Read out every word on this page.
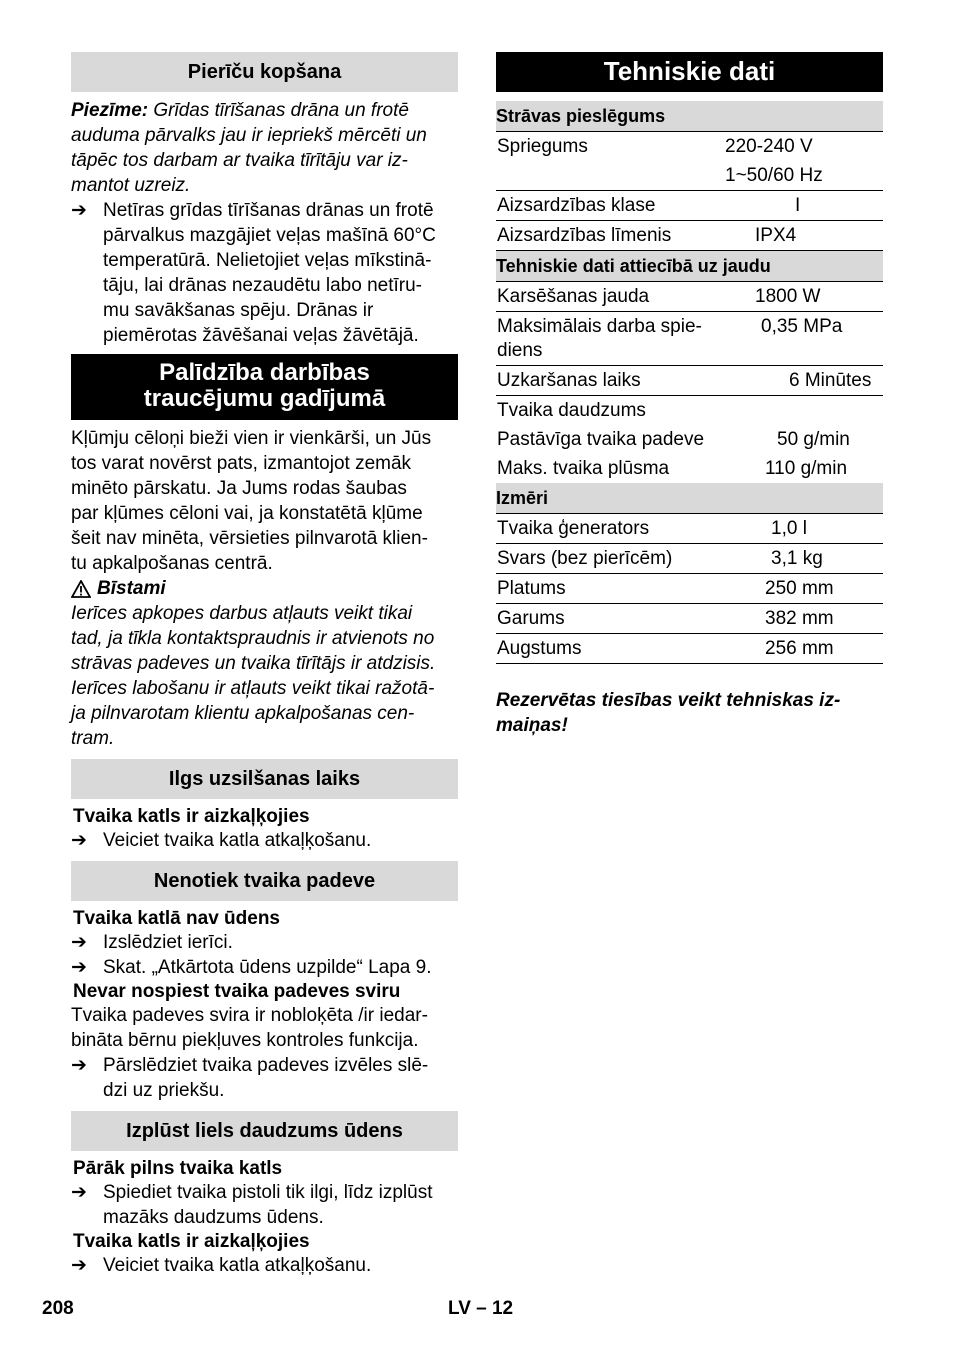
Pierīču kopšana

Piezīme: Grīdas tīrīšanas drāna un frotē

auduma pārvalks jau ir iepriekš mērcēti un

tāpēc tos darbam ar tvaika tīrītāju var iz-

mantot uzreiz.

➔ Netīras grīdas tīrīšanas drānas un frotē
pārvalkus mazgājiet veļas mašīnā 60°C
temperatūrā. Nelietojiet veļas mīkstinā-
tāju, lai drānas nezaudētu labo netīru-
mu savākšanas spēju. Drānas ir
piemērotas žāvēšanai veļas žāvētājā.
Palīdzība darbības
traucējumu gadījumā

Kļūmju cēloņi bieži vien ir vienkārši, un Jūs

tos varat novērst pats, izmantojot zemāk

minēto pārskatu. Ja Jums rodas šaubas

par kļūmes cēloni vai, ja konstatētā kļūme

šeit nav minēta, vērsieties pilnvarotā klien-

tu apkalpošanas centrā.

Bīstami

Ierīces apkopes darbus atļauts veikt tikai

tad, ja tīkla kontaktspraudnis ir atvienots no

strāvas padeves un tvaika tīrītājs ir atdzisis.

Ierīces labošanu ir atļauts veikt tikai ražotā-

ja pilnvarotam klientu apkalpošanas cen-

tram.

Ilgs uzsilšanas laiks
Tvaika katls ir aizkaļķojies
➔ Veiciet tvaika katla atkaļķošanu.
Nenotiek tvaika padeve
Tvaika katlā nav ūdens
➔ Izslēdziet ierīci.
➔ Skat. „Atkārtota ūdens uzpilde“ Lapa 9.
Nevar nospiest tvaika padeves sviru

Tvaika padeves svira ir nobloķēta /ir iedar-

bināta bērnu piekļuves kontroles funkcija.

➔ Pārslēdziet tvaika padeves izvēles slē-
dzi uz priekšu.
Izplūst liels daudzums ūdens
Pārāk pilns tvaika katls
➔ Spiediet tvaika pistoli tik ilgi, līdz izplūst
mazāks daudzums ūdens.
Tvaika katls ir aizkaļķojies
➔ Veiciet tvaika katla atkaļķošanu.
Tehniskie dati
Strāvas pieslēgums	

Spriegums	220-240 V

	1~50/60 Hz

Aizsardzības klase	I

Aizsardzības līmenis	IPX4
Tehniskie dati attiecībā uz jaudu	

Karsēšanas jauda	1800 W

Maksimālais darba spie-
diens	0,35 MPa

Uzkaršanas laiks	6 Minūtes

Tvaika daudzums	

Pastāvīga tvaika padeve	50 g/min

Maks. tvaika plūsma	110 g/min
Izmēri	

Tvaika ģenerators	1,0 l

Svars (bez pierīcēm)	3,1 kg

Platums	250 mm

Garums	382 mm

Augstums	256 mm

Rezervētas tiesības veikt tehniskas iz-

maiņas!

208	LV – 12
